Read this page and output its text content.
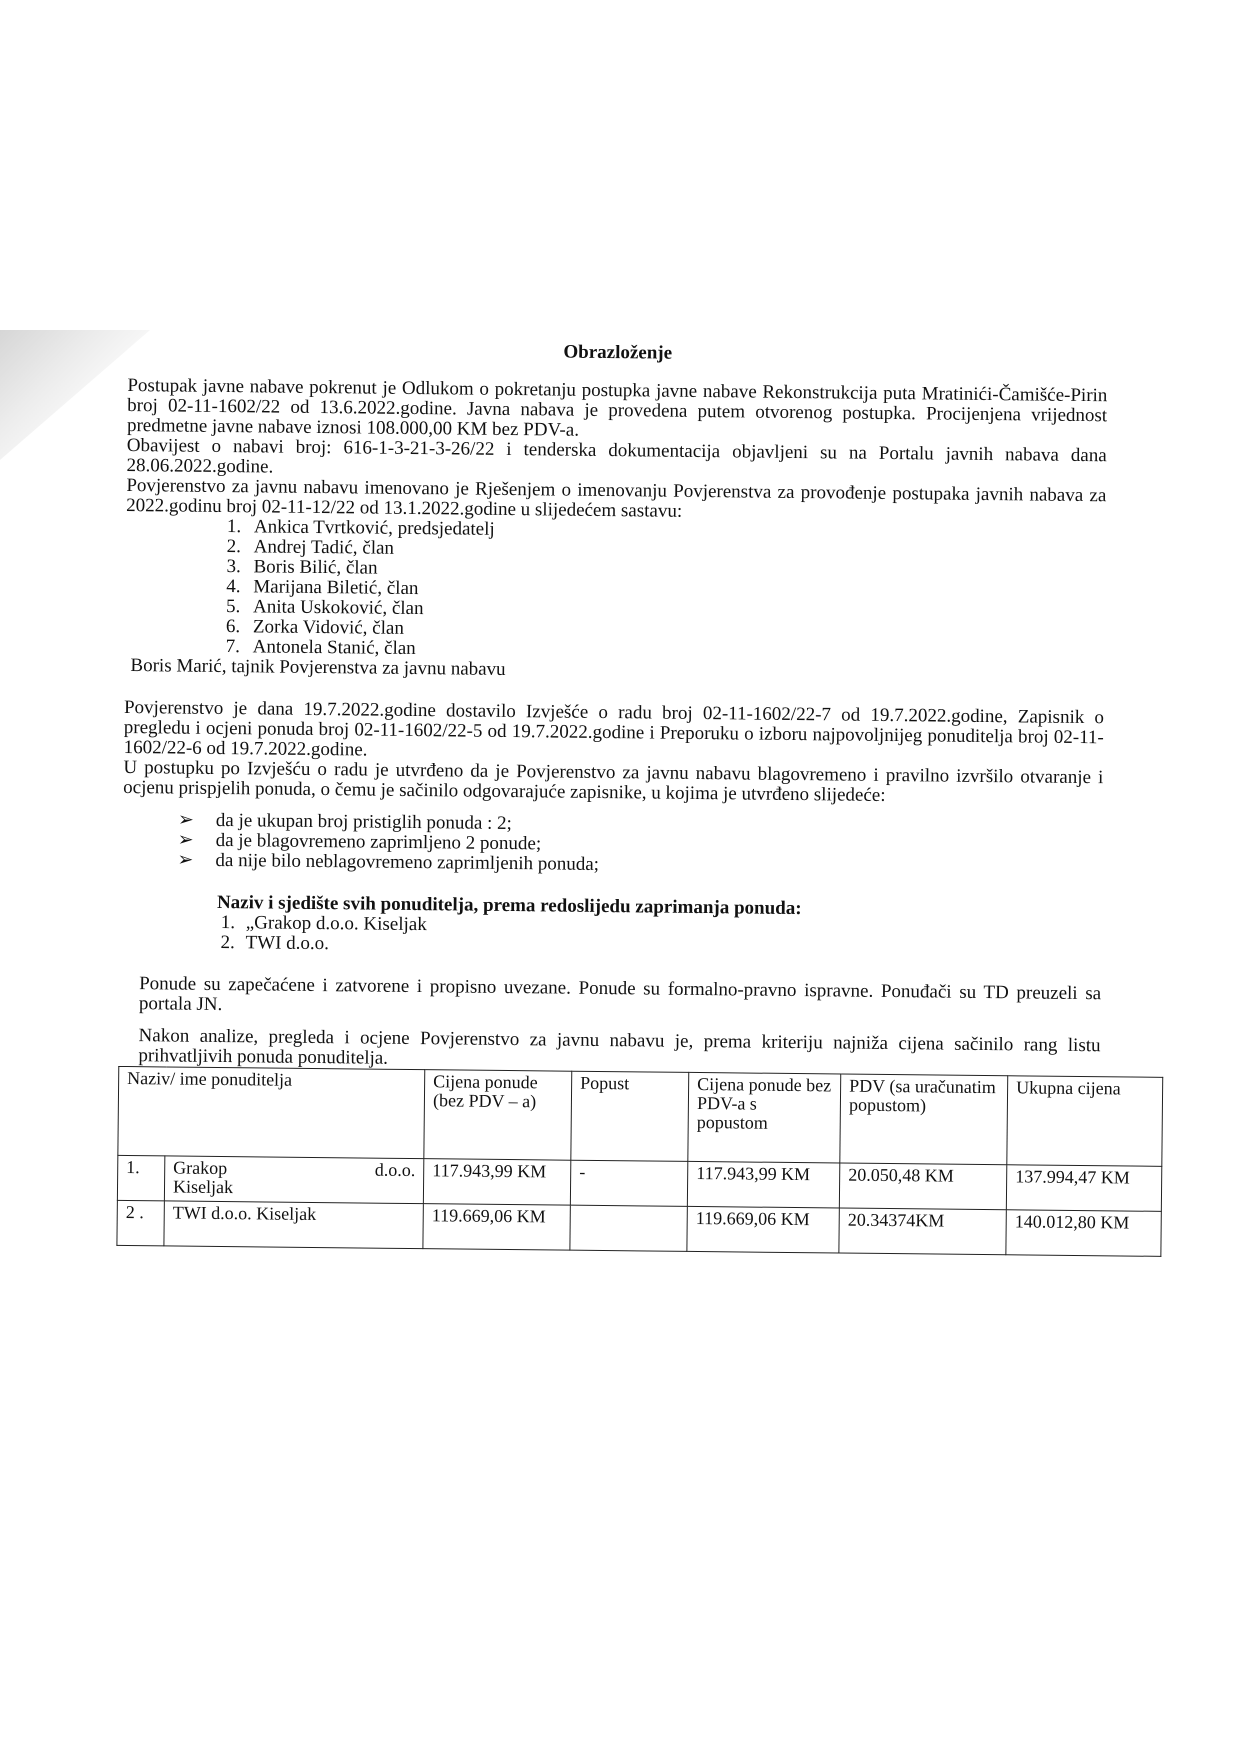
Obrazloženje

Postupak javne nabave pokrenut je Odlukom o pokretanju postupka javne nabave Rekonstrukcija puta Mratinići-Čamišće-Pirin broj 02-11-1602/22 od 13.6.2022.godine. Javna nabava je provedena putem otvorenog postupka. Procijenjena vrijednost predmetne javne nabave iznosi 108.000,00 KM bez PDV-a.

Obavijest o nabavi broj: 616-1-3-21-3-26/22 i tenderska dokumentacija objavljeni su na Portalu javnih nabava dana 28.06.2022.godine.

Povjerenstvo za javnu nabavu imenovano je Rješenjem o imenovanju Povjerenstva za provođenje postupaka javnih nabava za 2022.godinu broj 02-11-12/22 od 13.1.2022.godine u slijedećem sastavu:

1. Ankica Tvrtković, predsjedatelj
2. Andrej Tadić, član
3. Boris Bilić, član
4. Marijana Biletić, član
5. Anita Uskoković, član
6. Zorka Vidović, član
7. Antonela Stanić, član

Boris Marić, tajnik Povjerenstva za javnu nabavu

Povjerenstvo je dana 19.7.2022.godine dostavilo Izvješće o radu broj 02-11-1602/22-7 od 19.7.2022.godine, Zapisnik o pregledu i ocjeni ponuda broj 02-11-1602/22-5 od 19.7.2022.godine i Preporuku o izboru najpovoljnijeg ponuditelja broj 02-11-1602/22-6 od 19.7.2022.godine.

U postupku po Izvješću o radu je utvrđeno da je Povjerenstvo za javnu nabavu blagovremeno i pravilno izvršilo otvaranje i ocjenu prispjelih ponuda, o čemu je sačinilo odgovarajuće zapisnike, u kojima je utvrđeno slijedeće:

➢ da je ukupan broj pristiglih ponuda : 2;
➢ da je blagovremeno zaprimljeno 2 ponude;
➢ da nije bilo neblagovremeno zaprimljenih ponuda;
Naziv i sjedište svih ponuditelja, prema redoslijedu zaprimanja ponuda:
1. „Grakop d.o.o. Kiseljak
2. TWI d.o.o.

Ponude su zapečaćene i zatvorene i propisno uvezane. Ponude su formalno-pravno ispravne. Ponuđači su TD preuzeli sa portala JN.

Nakon analize, pregleda i ocjene Povjerenstvo za javnu nabavu je, prema kriteriju najniža cijena sačinilo rang listu prihvatljivih ponuda ponuditelja.

Naziv/ ime ponuditelja		Cijena ponude (bez PDV – a)	Popust	Cijena ponude bez PDV-a s popustom	PDV (sa uračunatim popustom)	Ukupna cijena
1.	Grakop d.o.o.
Kiseljak	117.943,99 KM	-	117.943,99 KM	20.050,48 KM	137.994,47 KM
2 .	TWI d.o.o. Kiseljak	119.669,06 KM		119.669,06 KM	20.34374KM	140.012,80 KM
